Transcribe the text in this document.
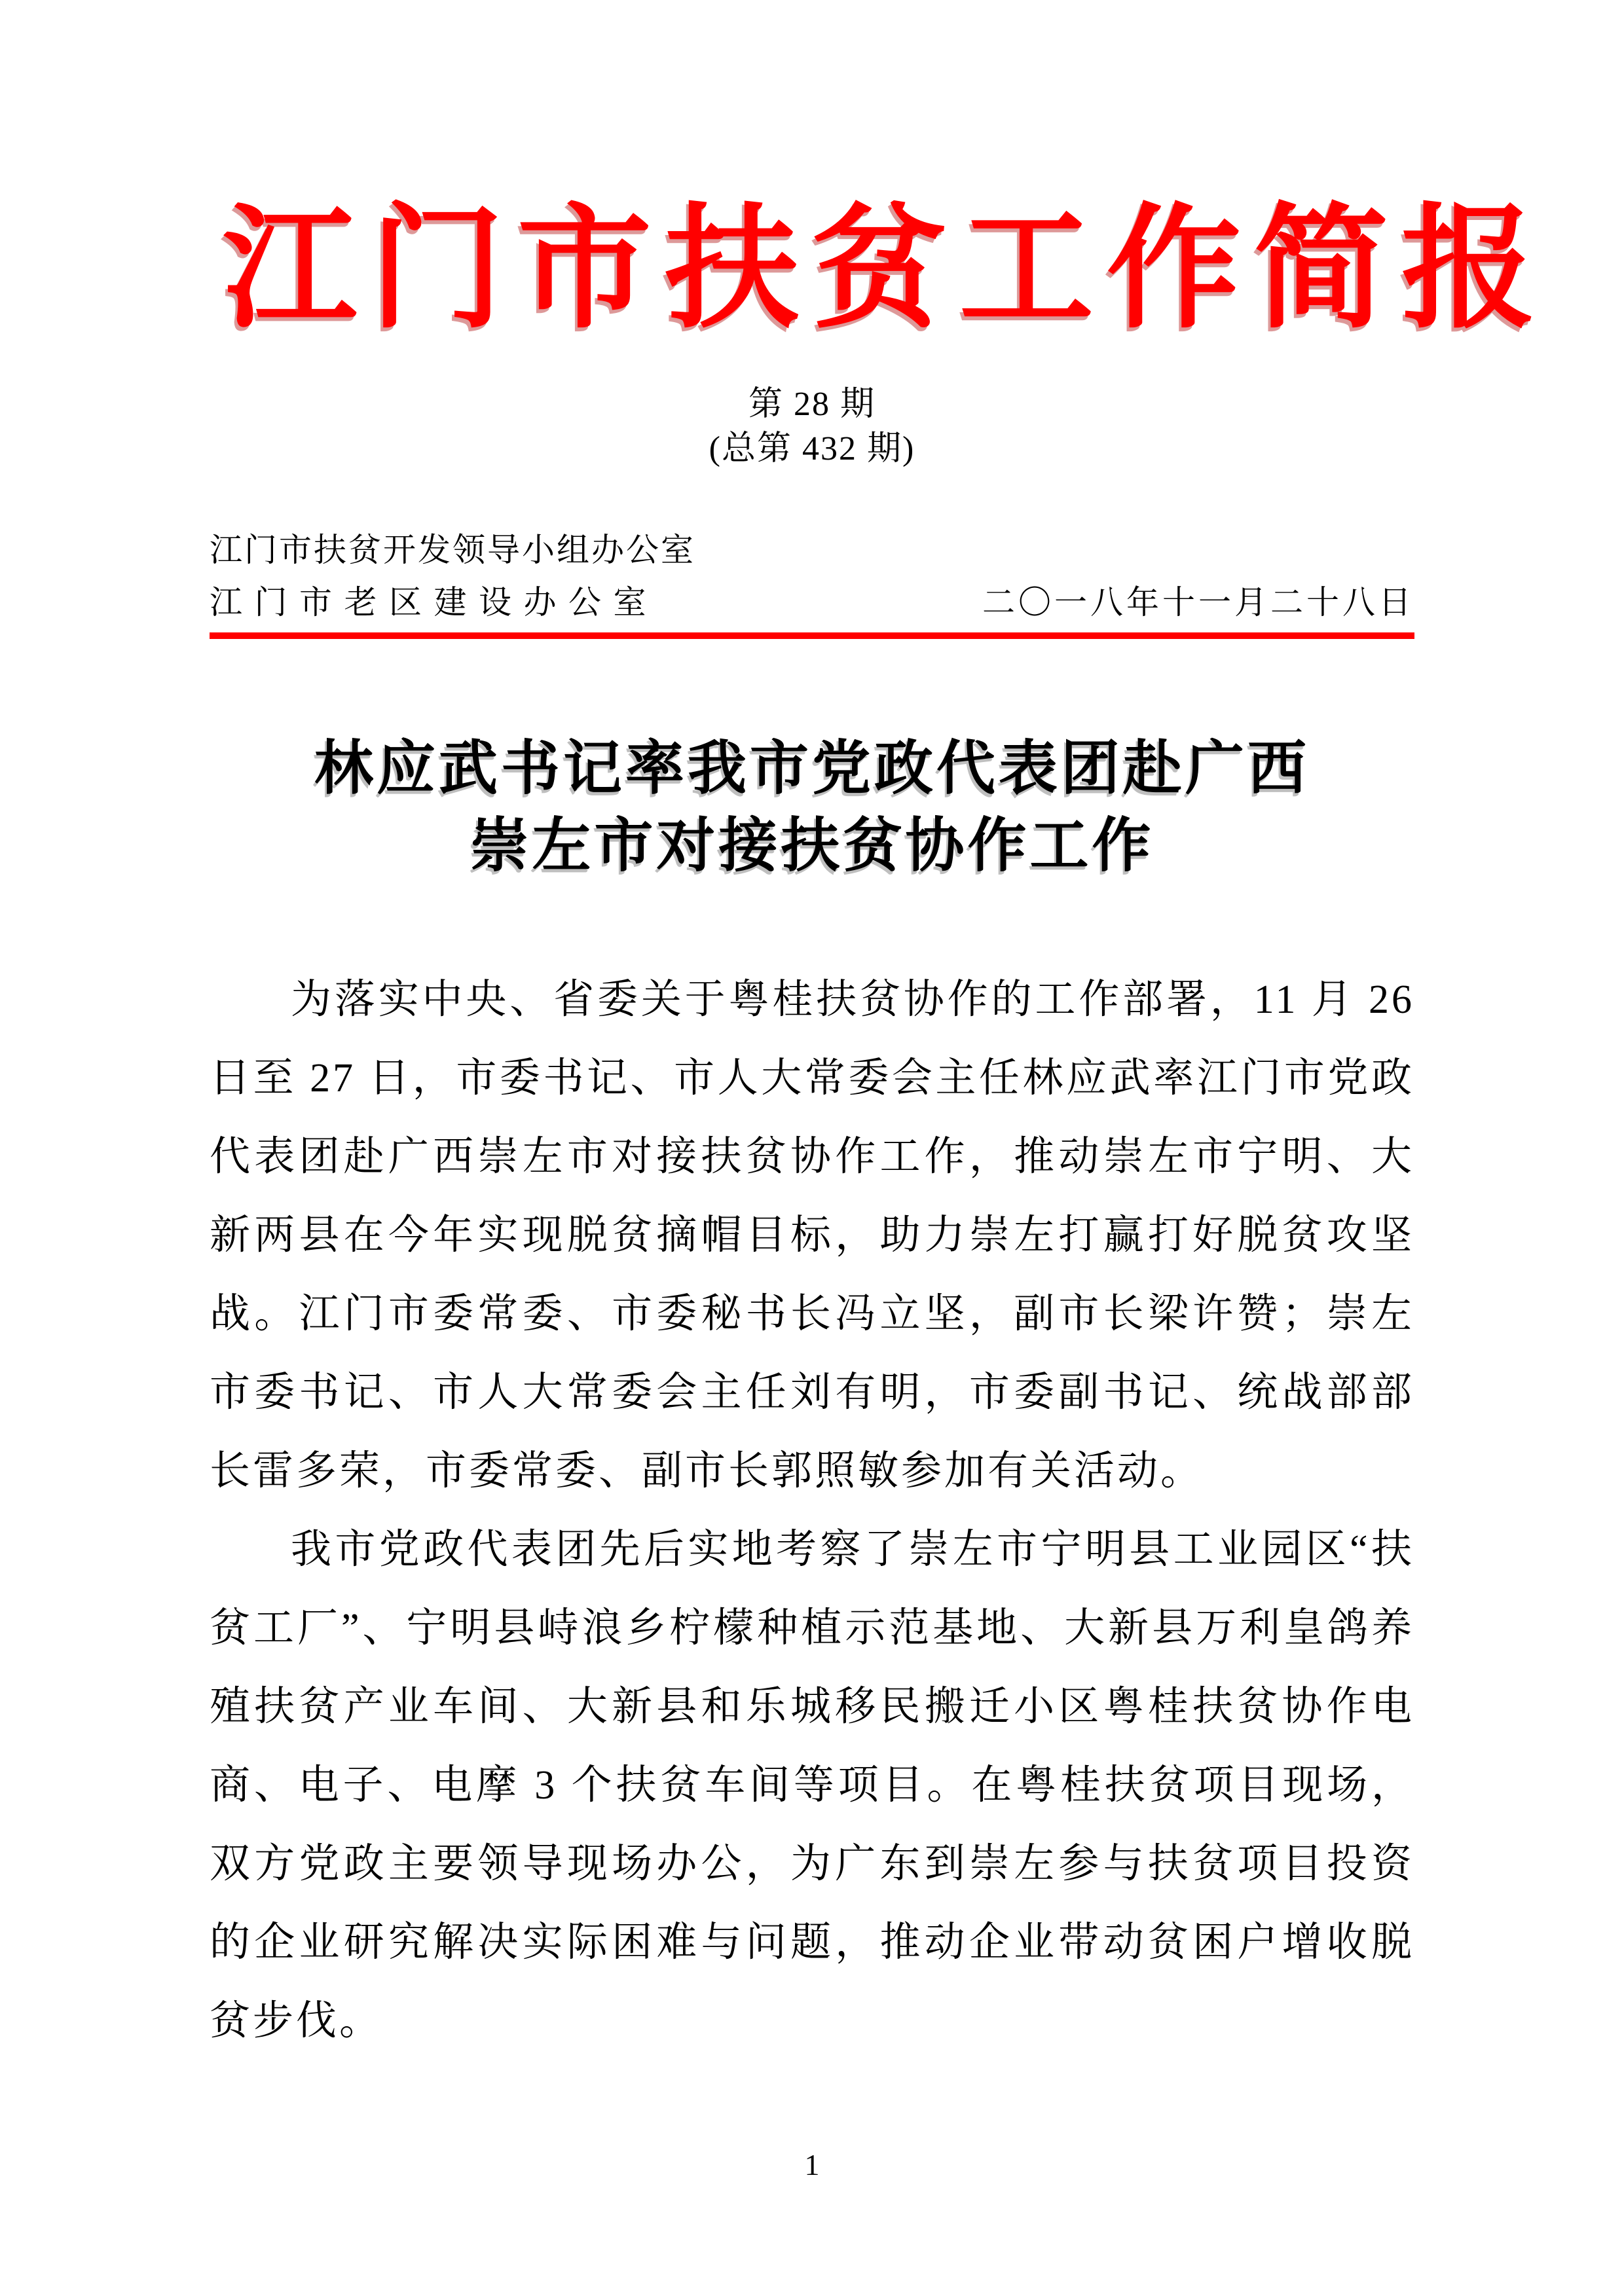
江门市扶贫工作简报
第 28 期
(总第 432 期)
江门市扶贫开发领导小组办公室
江 门 市 老 区 建 设 办 公 室	二〇一八年十一月二十八日
林应武书记率我市党政代表团赴广西
崇左市对接扶贫协作工作

为落实中央、省委关于粤桂扶贫协作的工作部署，11 月 26 日至 27 日，市委书记、市人大常委会主任林应武率江门市党政代表团赴广西崇左市对接扶贫协作工作，推动崇左市宁明、大新两县在今年实现脱贫摘帽目标，助力崇左打赢打好脱贫攻坚战。江门市委常委、市委秘书长冯立坚，副市长梁许赞；崇左市委书记、市人大常委会主任刘有明，市委副书记、统战部部长雷多荣，市委常委、副市长郭照敏参加有关活动。

我市党政代表团先后实地考察了崇左市宁明县工业园区“扶贫工厂”、宁明县峙浪乡柠檬种植示范基地、大新县万利皇鸽养殖扶贫产业车间、大新县和乐城移民搬迁小区粤桂扶贫协作电商、电子、电摩 3 个扶贫车间等项目。在粤桂扶贫项目现场，双方党政主要领导现场办公，为广东到崇左参与扶贫项目投资的企业研究解决实际困难与问题，推动企业带动贫困户增收脱贫步伐。

1
